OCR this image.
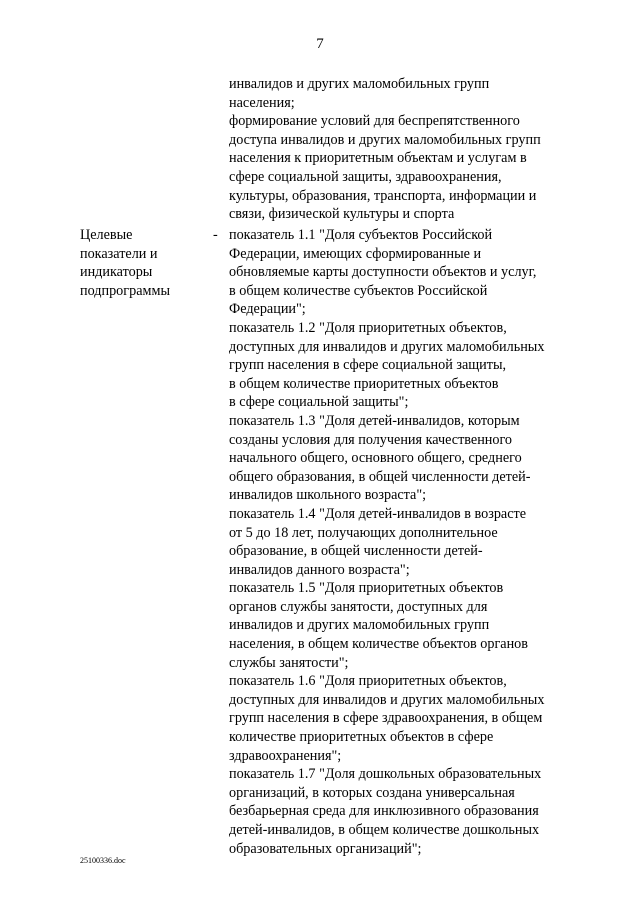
7
инвалидов и других маломобильных групп
населения;
формирование условий для беспрепятственного
доступа инвалидов и других маломобильных групп
населения к приоритетным объектам и услугам в
сфере социальной защиты, здравоохранения,
культуры, образования, транспорта, информации и
связи, физической культуры и спорта
Целевые
показатели и
индикаторы
подпрограммы
- показатель 1.1 "Доля субъектов Российской
Федерации, имеющих сформированные и
обновляемые карты доступности объектов и услуг,
в общем количестве субъектов Российской
Федерации";
показатель 1.2 "Доля приоритетных объектов,
доступных для инвалидов и других маломобильных
групп населения в сфере социальной защиты,
в общем количестве приоритетных объектов
в сфере социальной защиты";
показатель 1.3 "Доля детей-инвалидов, которым
созданы условия для получения качественного
начального общего, основного общего, среднего
общего образования, в общей численности детей-
инвалидов школьного возраста";
показатель 1.4 "Доля детей-инвалидов в возрасте
от 5 до 18 лет, получающих дополнительное
образование, в общей численности детей-
инвалидов данного возраста";
показатель 1.5 "Доля приоритетных объектов
органов службы занятости, доступных для
инвалидов и других маломобильных групп
населения, в общем количестве объектов органов
службы занятости";
показатель 1.6 "Доля приоритетных объектов,
доступных для инвалидов и других маломобильных
групп населения в сфере здравоохранения, в общем
количестве приоритетных объектов в сфере
здравоохранения";
показатель 1.7 "Доля дошкольных образовательных
организаций, в которых создана универсальная
безбарьерная среда для инклюзивного образования
детей-инвалидов, в общем количестве дошкольных
образовательных организаций";
25100336.doc
